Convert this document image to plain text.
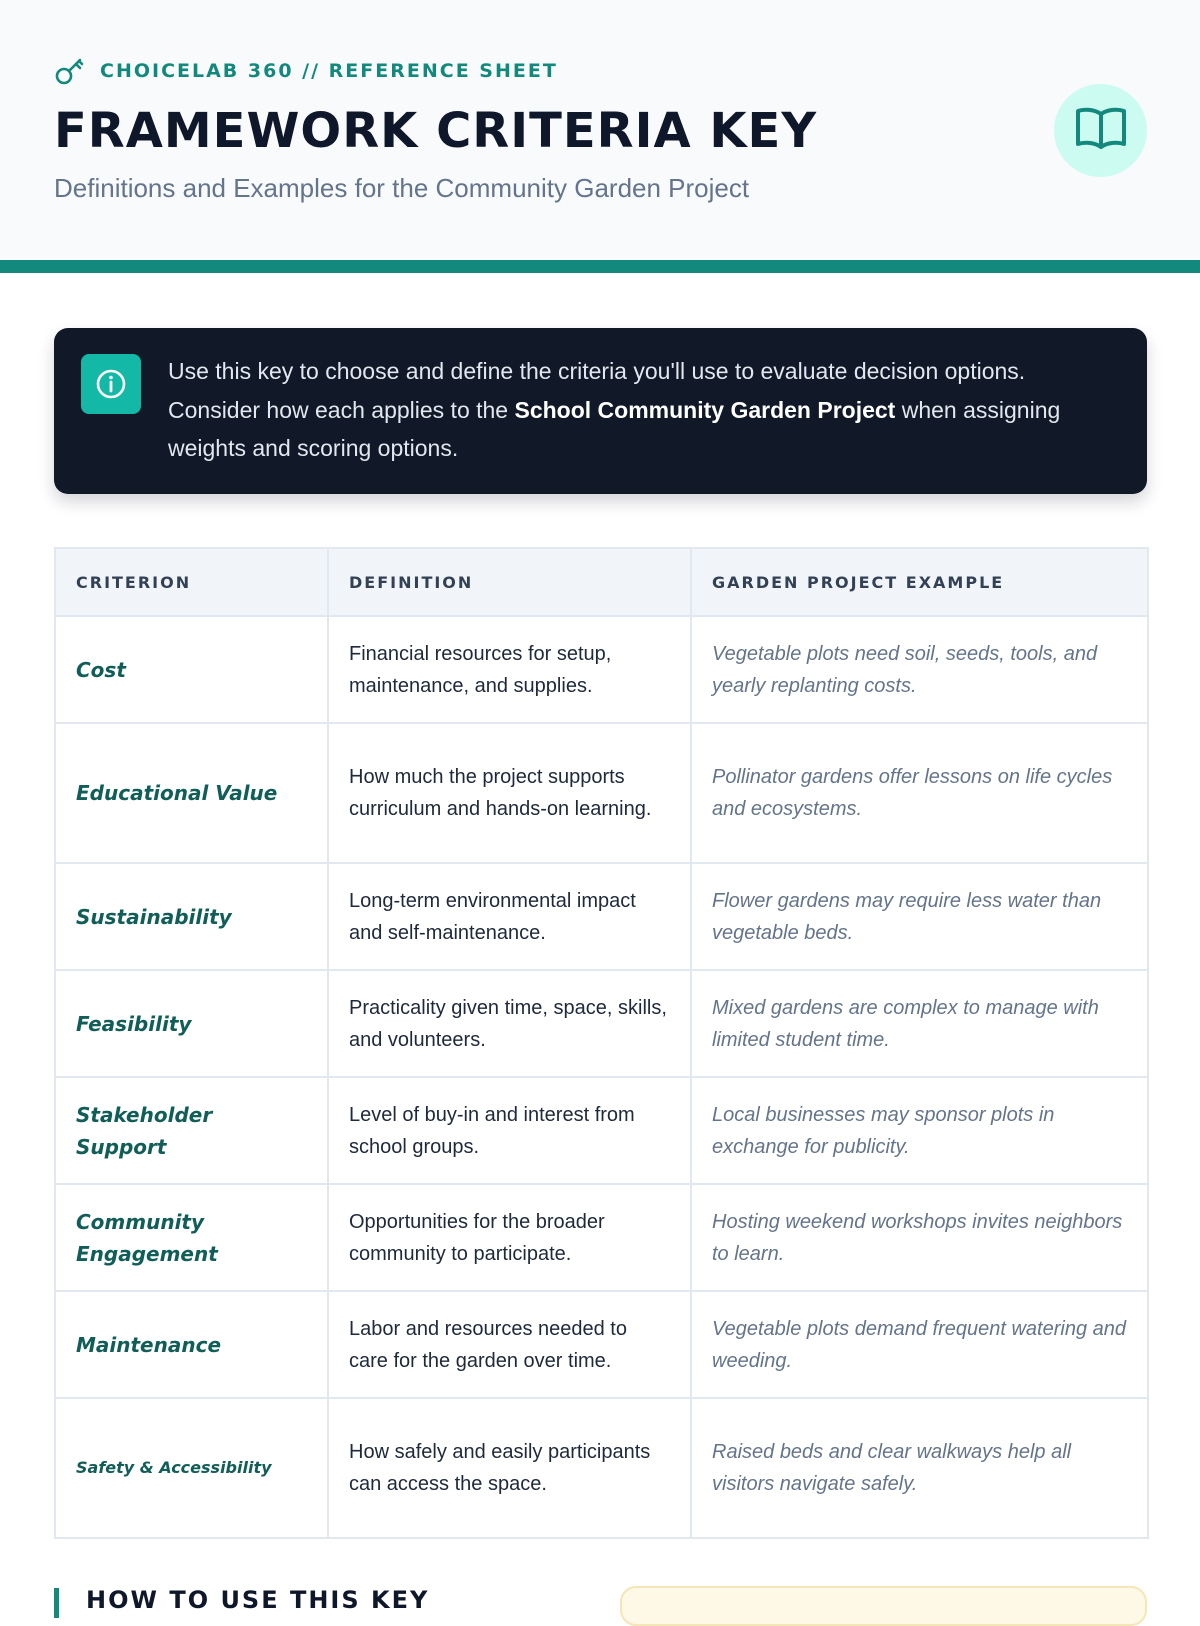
CHOICELAB 360 // REFERENCE SHEET
FRAMEWORK CRITERIA KEY
Definitions and Examples for the Community Garden Project

Use this key to choose and define the criteria you'll use to evaluate decision options. Consider how each applies to the School Community Garden Project when assigning weights and scoring options.

CRITERION	DEFINITION	GARDEN PROJECT EXAMPLE
Cost	Financial resources for setup, maintenance, and supplies.	Vegetable plots need soil, seeds, tools, and yearly replanting costs.
Educational Value	How much the project supports curriculum and hands-on learning.	Pollinator gardens offer lessons on life cycles and ecosystems.
Sustainability	Long-term environmental impact and self-maintenance.	Flower gardens may require less water than vegetable beds.
Feasibility	Practicality given time, space, skills, and volunteers.	Mixed gardens are complex to manage with limited student time.
Stakeholder Support	Level of buy-in and interest from school groups.	Local businesses may sponsor plots in exchange for publicity.
Community Engagement	Opportunities for the broader community to participate.	Hosting weekend workshops invites neighbors to learn.
Maintenance	Labor and resources needed to care for the garden over time.	Vegetable plots demand frequent watering and weeding.
Safety & Accessibility	How safely and easily participants can access the space.	Raised beds and clear walkways help all visitors navigate safely.
HOW TO USE THIS KEY
